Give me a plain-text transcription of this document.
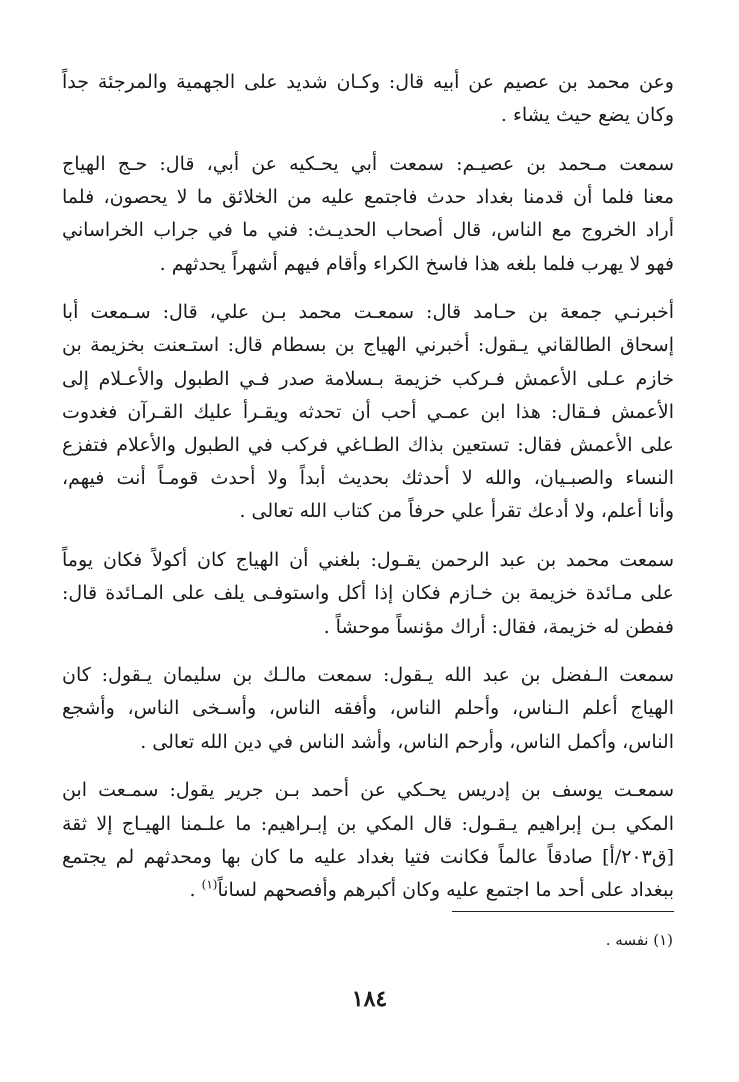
وعن محمد بن عصيم عن أبيه قال: وكـان شديد على الجهمية والمرجئة جداً
وكان يضع حيث يشاء .

سمعت مـحمد بن عصيـم: سمعت أبي يحـكيه عن أبي، قال: حـج الهياج
معنا فلما أن قدمنا بغداد حدث فاجتمع عليه من الخلائق ما لا يحصون، فلما
أراد الخروج مع الناس، قال أصحاب الحديـث: فني ما في جراب الخراساني
فهو لا يهرب فلما بلغه هذا فاسخ الكراء وأقام فيهم أشهراً يحدثهم .

أخبرنـي جمعة بن حـامد قال: سمعـت محمد بـن علي، قال: سـمعت أبا
إسحاق الطالقاني يـقول: أخبرني الهياج بن بسطام قال: استـعنت بخزيمة بن
خازم عـلى الأعمش فـركب خزيمة بـسلامة صدر فـي الطبول والأعـلام إلى
الأعمش فـقال: هذا ابن عمـي أحب أن تحدثه ويقـرأ عليك القـرآن فغدوت
على الأعمش فقال: تستعين بذاك الطـاغي فركب في الطبول والأعلام فتفزع
النساء والصبـيان، والله لا أحدثك بحديث أبداً ولا أحدث قومـاً أنت فيهم،
وأنا أعلم، ولا أدعك تقرأ علي حرفاً من كتاب الله تعالى .

سمعت محمد بن عبد الرحمن يقـول: بلغني أن الهياج كان أكولاً فكان يوماً
على مـائدة خزيمة بن خـازم فكان إذا أكل واستوفـى يلف على المـائدة قال:
ففطن له خزيمة، فقال: أراك مؤنساً موحشاً .

سمعت الـفضل بن عبد الله يـقول: سمعت مالـك بن سليمان يـقول: كان
الهياج أعلم الـناس، وأحلم الناس، وأفقه الناس، وأسـخى الناس، وأشجع
الناس، وأكمل الناس، وأرحم الناس، وأشد الناس في دين الله تعالى .

سمعـت يوسف بن إدريس يحـكي عن أحمد بـن جرير يقول: سمـعت ابن
المكي بـن إبراهيم يـقـول: قال المكي بن إبـراهيم: ما علـمنا الهيـاج إلا ثقة
[ق٢٠٣/أ] صادقاً عالماً فكانت فتيا بغداد عليه ما كان بها ومحدثهم لم يجتمع
ببغداد على أحد ما اجتمع عليه وكان أكبرهم وأفصحهم لساناً$^{(١)}$ .

(١) نفسه .
١٨٤
